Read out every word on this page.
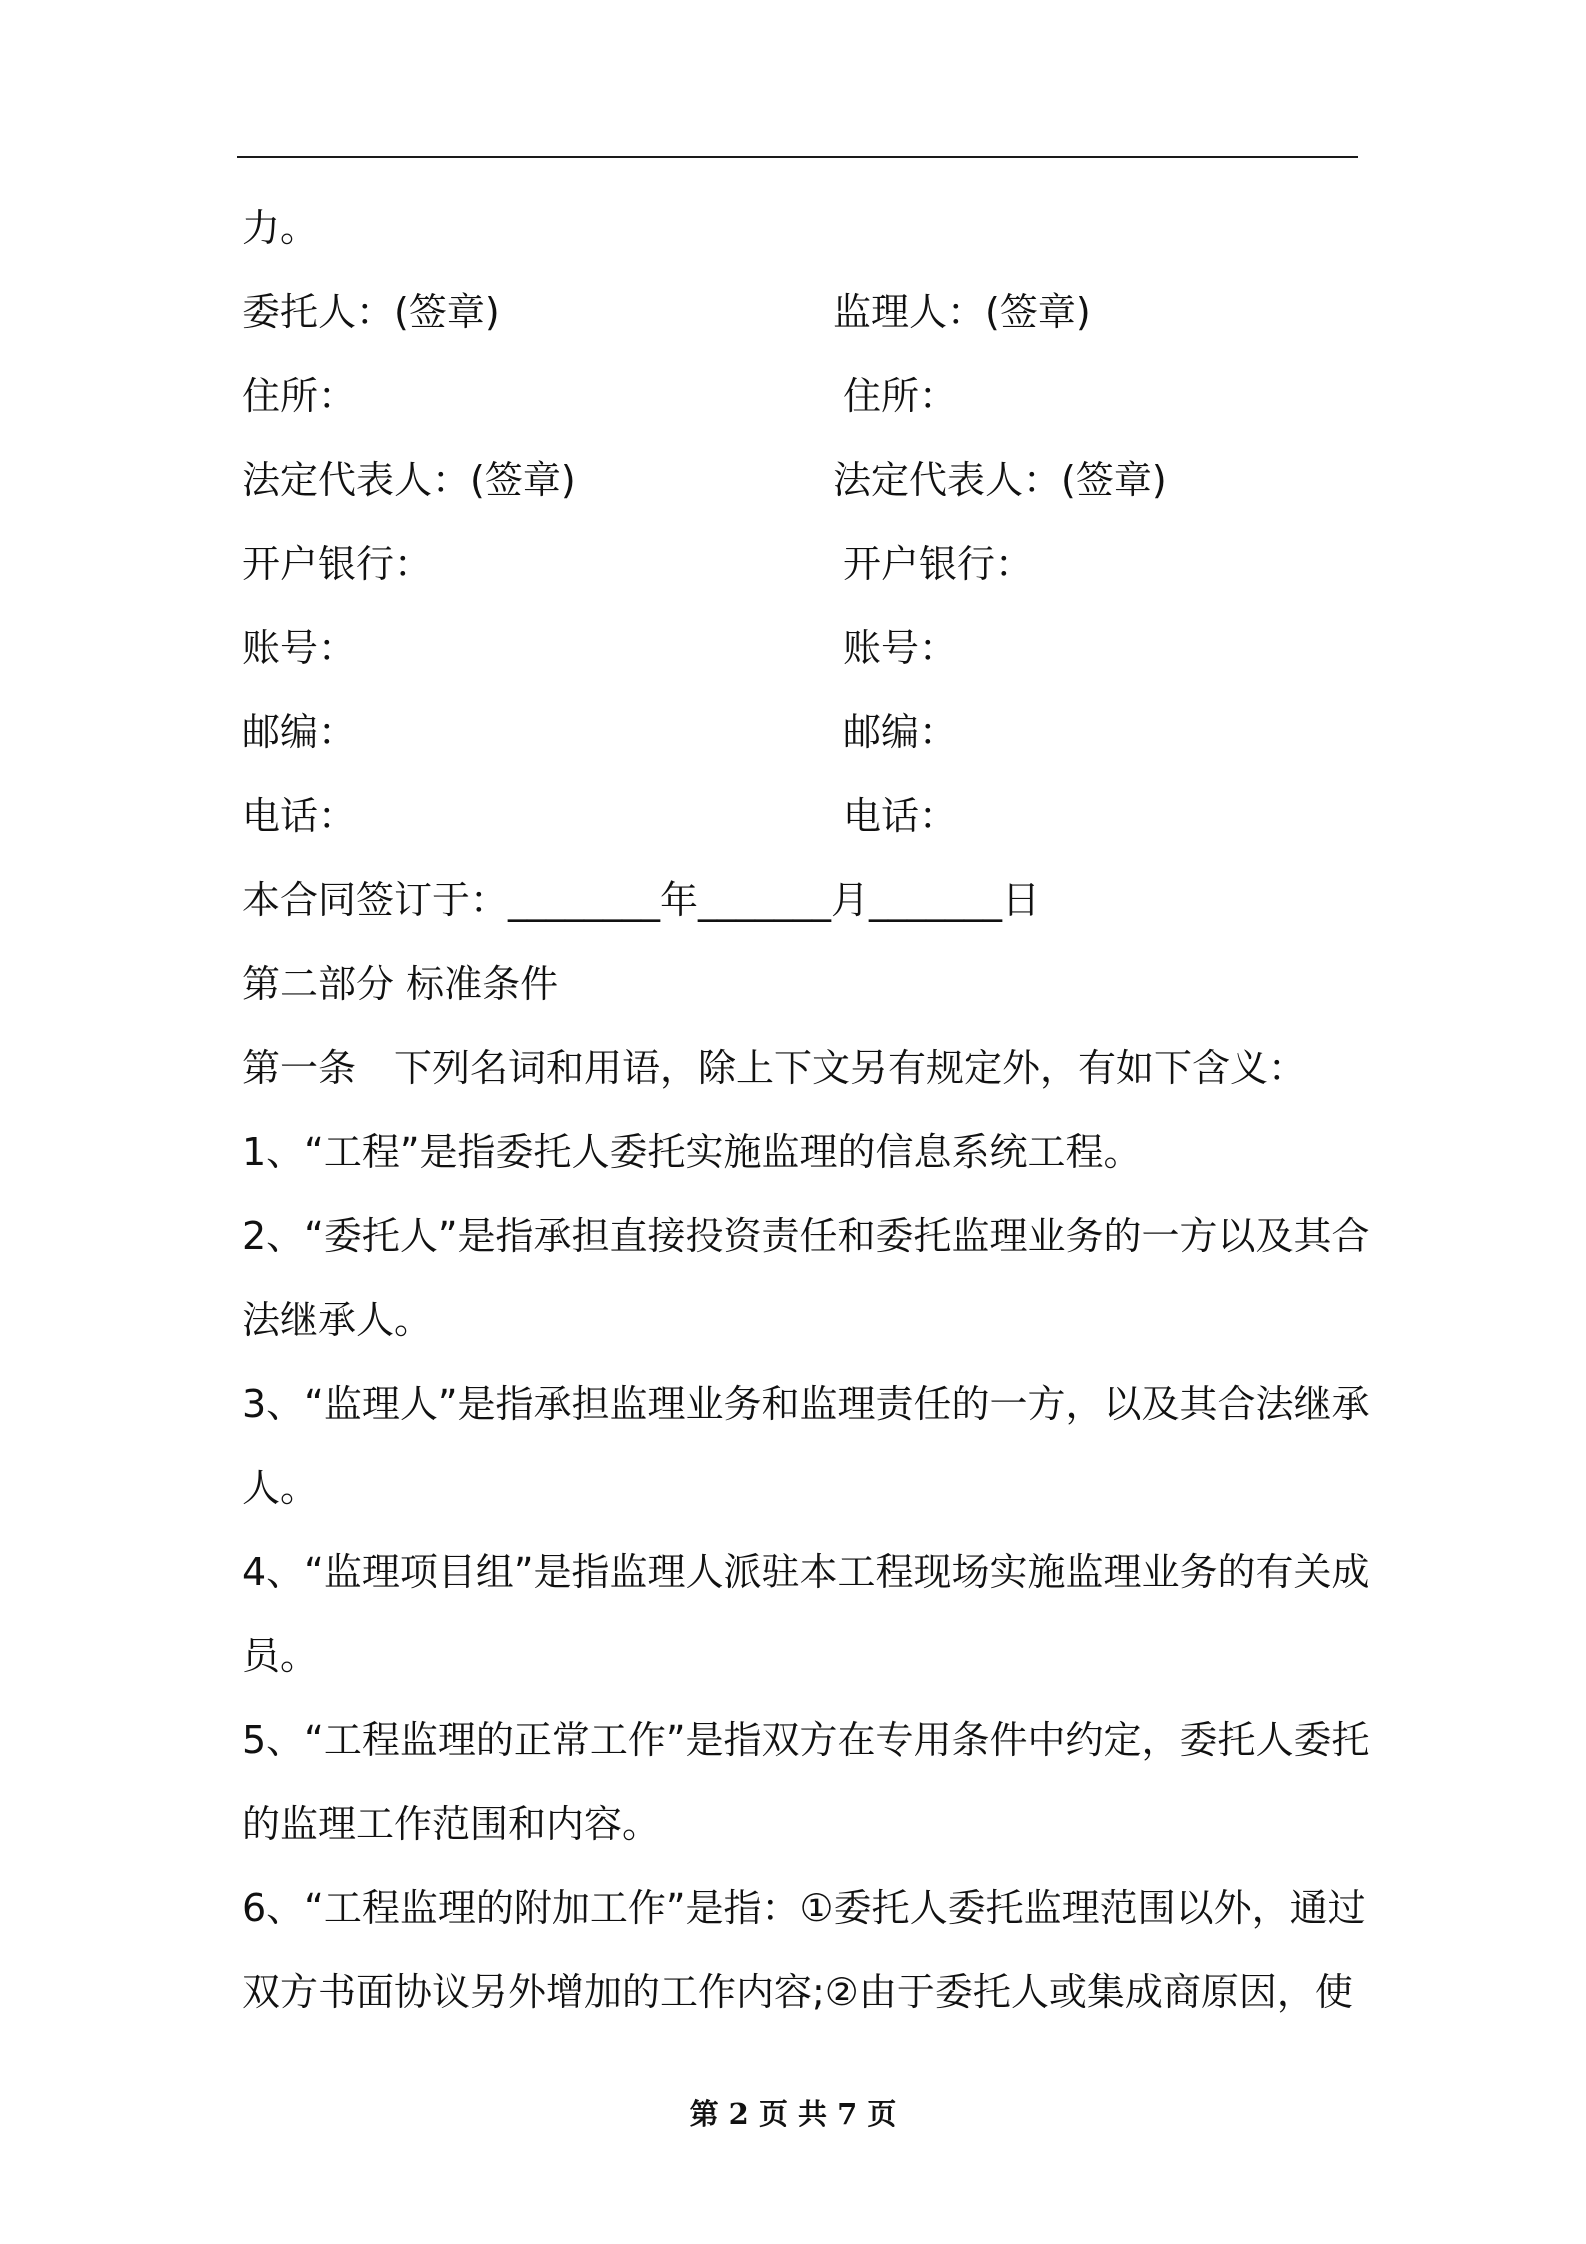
力。
委托人：(签章)	监理人：(签章)
住所：	住所：
法定代表人：(签章)	法定代表人：(签章)
开户银行：	开户银行：
账号：	账号：
邮编：	邮编：
电话：	电话：
本合同签订于：________年_______月_______日
第二部分 标准条件
第一条　下列名词和用语，除上下文另有规定外，有如下含义：
1、“工程”是指委托人委托实施监理的信息系统工程。
2、“委托人”是指承担直接投资责任和委托监理业务的一方以及其合
法继承人。
3、“监理人”是指承担监理业务和监理责任的一方，以及其合法继承
人。
4、“监理项目组”是指监理人派驻本工程现场实施监理业务的有关成
员。
5、“工程监理的正常工作”是指双方在专用条件中约定，委托人委托
的监理工作范围和内容。
6、“工程监理的附加工作”是指：①委托人委托监理范围以外，通过
双方书面协议另外增加的工作内容;②由于委托人或集成商原因，使
第 2 页 共 7 页
